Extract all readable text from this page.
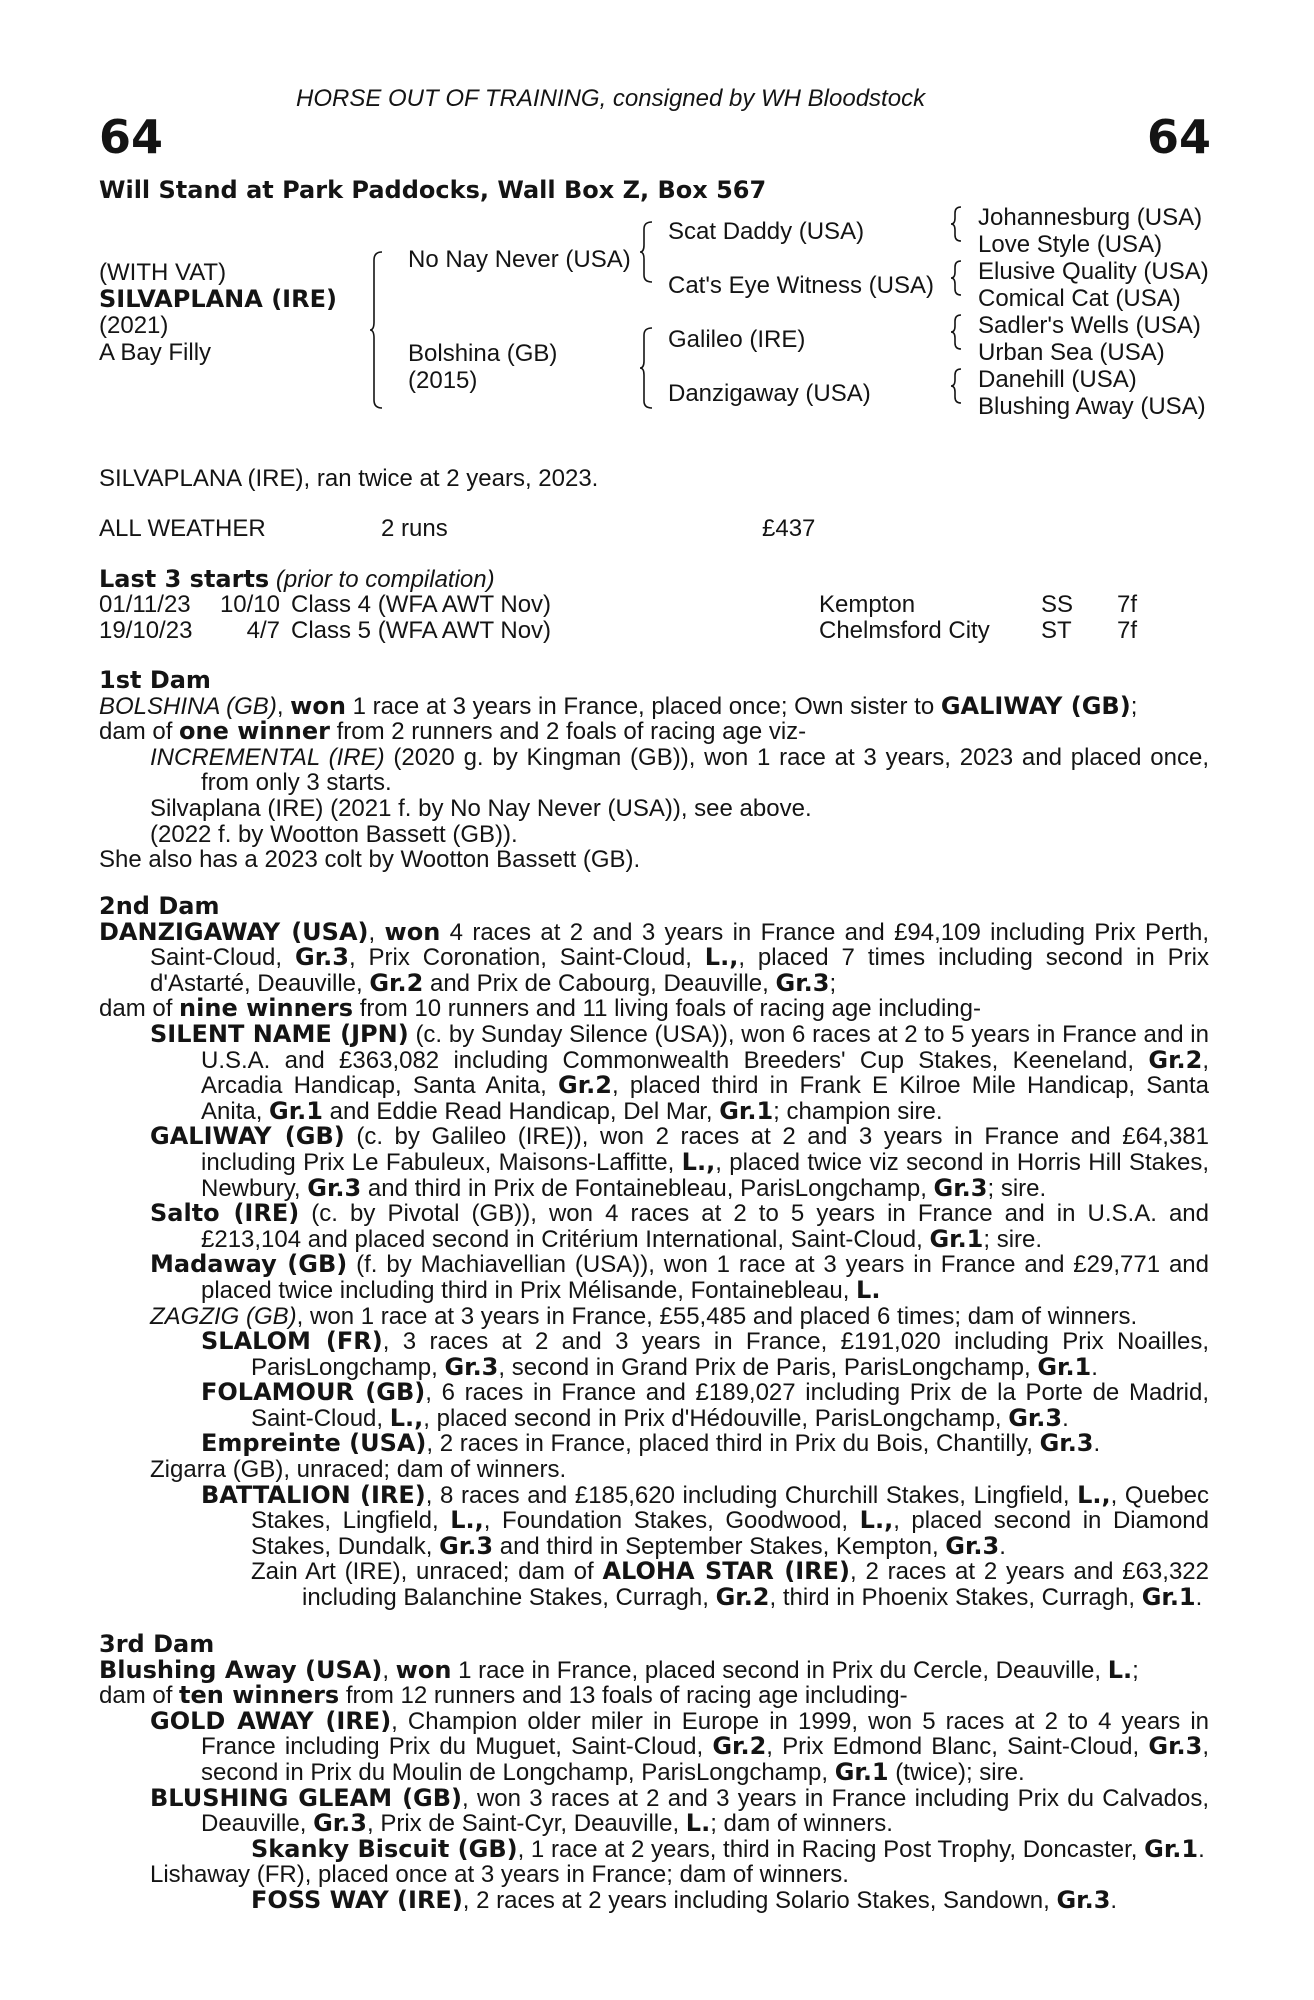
HORSE OUT OF TRAINING, consigned by WH Bloodstock
64	64
Will Stand at Park Paddocks, Wall Box Z, Box 567
(WITH VAT)
SILVAPLANA (IRE)
(2021)
A Bay Filly
No Nay Never (USA)
Bolshina (GB)
(2015)
Scat Daddy (USA)
Cat's Eye Witness (USA)
Galileo (IRE)
Danzigaway (USA)
Johannesburg (USA)
Love Style (USA)
Elusive Quality (USA)
Comical Cat (USA)
Sadler's Wells (USA)
Urban Sea (USA)
Danehill (USA)
Blushing Away (USA)
SILVAPLANA (IRE), ran twice at 2 years, 2023.
ALL WEATHER	2 runs	£437
Last 3 starts (prior to compilation)
01/11/23	10/10 Class 4 (WFA AWT Nov)	Kempton	SS 7f
19/10/23	4/7 Class 5 (WFA AWT Nov)	Chelmsford City ST 7f

1st Dam

BOLSHINA (GB), won 1 race at 3 years in France, placed once; Own sister to GALIWAY (GB);

dam of one winner from 2 runners and 2 foals of racing age viz-

INCREMENTAL (IRE) (2020 g. by Kingman (GB)), won 1 race at 3 years, 2023 and placed once, from only 3 starts.

Silvaplana (IRE) (2021 f. by No Nay Never (USA)), see above.

(2022 f. by Wootton Bassett (GB)).

She also has a 2023 colt by Wootton Bassett (GB).

2nd Dam

DANZIGAWAY (USA), won 4 races at 2 and 3 years in France and £94,109 including Prix Perth, Saint-Cloud, Gr.3, Prix Coronation, Saint-Cloud, L.,, placed 7 times including second in Prix d'Astarté, Deauville, Gr.2 and Prix de Cabourg, Deauville, Gr.3;

dam of nine winners from 10 runners and 11 living foals of racing age including-

SILENT NAME (JPN) (c. by Sunday Silence (USA)), won 6 races at 2 to 5 years in France and in U.S.A. and £363,082 including Commonwealth Breeders' Cup Stakes, Keeneland, Gr.2, Arcadia Handicap, Santa Anita, Gr.2, placed third in Frank E Kilroe Mile Handicap, Santa Anita, Gr.1 and Eddie Read Handicap, Del Mar, Gr.1; champion sire.

GALIWAY (GB) (c. by Galileo (IRE)), won 2 races at 2 and 3 years in France and £64,381 including Prix Le Fabuleux, Maisons-Laffitte, L.,, placed twice viz second in Horris Hill Stakes, Newbury, Gr.3 and third in Prix de Fontainebleau, ParisLongchamp, Gr.3; sire.

Salto (IRE) (c. by Pivotal (GB)), won 4 races at 2 to 5 years in France and in U.S.A. and £213,104 and placed second in Critérium International, Saint-Cloud, Gr.1; sire.

Madaway (GB) (f. by Machiavellian (USA)), won 1 race at 3 years in France and £29,771 and placed twice including third in Prix Mélisande, Fontainebleau, L.

ZAGZIG (GB), won 1 race at 3 years in France, £55,485 and placed 6 times; dam of winners.

SLALOM (FR), 3 races at 2 and 3 years in France, £191,020 including Prix Noailles, ParisLongchamp, Gr.3, second in Grand Prix de Paris, ParisLongchamp, Gr.1.

FOLAMOUR (GB), 6 races in France and £189,027 including Prix de la Porte de Madrid, Saint-Cloud, L.,, placed second in Prix d'Hédouville, ParisLongchamp, Gr.3.

Empreinte (USA), 2 races in France, placed third in Prix du Bois, Chantilly, Gr.3.

Zigarra (GB), unraced; dam of winners.

BATTALION (IRE), 8 races and £185,620 including Churchill Stakes, Lingfield, L.,, Quebec Stakes, Lingfield, L.,, Foundation Stakes, Goodwood, L.,, placed second in Diamond Stakes, Dundalk, Gr.3 and third in September Stakes, Kempton, Gr.3.

Zain Art (IRE), unraced; dam of ALOHA STAR (IRE), 2 races at 2 years and £63,322 including Balanchine Stakes, Curragh, Gr.2, third in Phoenix Stakes, Curragh, Gr.1.

3rd Dam

Blushing Away (USA), won 1 race in France, placed second in Prix du Cercle, Deauville, L.;

dam of ten winners from 12 runners and 13 foals of racing age including-

GOLD AWAY (IRE), Champion older miler in Europe in 1999, won 5 races at 2 to 4 years in France including Prix du Muguet, Saint-Cloud, Gr.2, Prix Edmond Blanc, Saint-Cloud, Gr.3, second in Prix du Moulin de Longchamp, ParisLongchamp, Gr.1 (twice); sire.

BLUSHING GLEAM (GB), won 3 races at 2 and 3 years in France including Prix du Calvados, Deauville, Gr.3, Prix de Saint-Cyr, Deauville, L.; dam of winners.

Skanky Biscuit (GB), 1 race at 2 years, third in Racing Post Trophy, Doncaster, Gr.1.

Lishaway (FR), placed once at 3 years in France; dam of winners.

FOSS WAY (IRE), 2 races at 2 years including Solario Stakes, Sandown, Gr.3.
